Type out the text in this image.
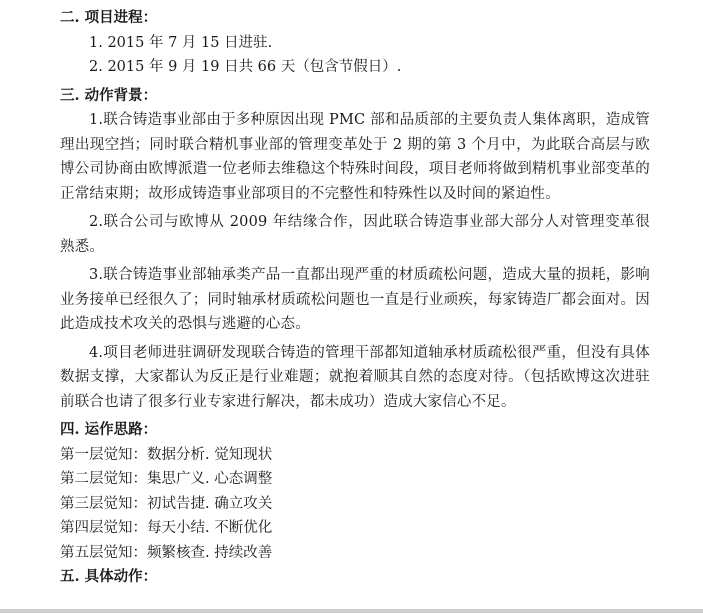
二. 项目进程：

1. 2015 年 7 月 15 日进驻.

2. 2015 年 9 月 19 日共 66 天（包含节假日）.

三. 动作背景：

1.联合铸造事业部由于多种原因出现 PMC 部和品质部的主要负责人集体离职，造成管理出现空挡；同时联合精机事业部的管理变革处于 2 期的第 3 个月中，为此联合高层与欧博公司协商由欧博派遣一位老师去维稳这个特殊时间段，项目老师将做到精机事业部变革的正常结束期；故形成铸造事业部项目的不完整性和特殊性以及时间的紧迫性。

2.联合公司与欧博从 2009 年结缘合作，因此联合铸造事业部大部分人对管理变革很熟悉。

3.联合铸造事业部轴承类产品一直都出现严重的材质疏松问题，造成大量的损耗，影响业务接单已经很久了；同时轴承材质疏松问题也一直是行业顽疾，每家铸造厂都会面对。因此造成技术攻关的恐惧与逃避的心态。

4.项目老师进驻调研发现联合铸造的管理干部都知道轴承材质疏松很严重，但没有具体数据支撑，大家都认为反正是行业难题；就抱着顺其自然的态度对待。（包括欧博这次进驻前联合也请了很多行业专家进行解决，都未成功）造成大家信心不足。

四. 运作思路：

第一层觉知：数据分析. 觉知现状

第二层觉知：集思广义. 心态调整

第三层觉知：初试告捷. 确立攻关

第四层觉知：每天小结. 不断优化

第五层觉知：频繁核查. 持续改善

五. 具体动作：
